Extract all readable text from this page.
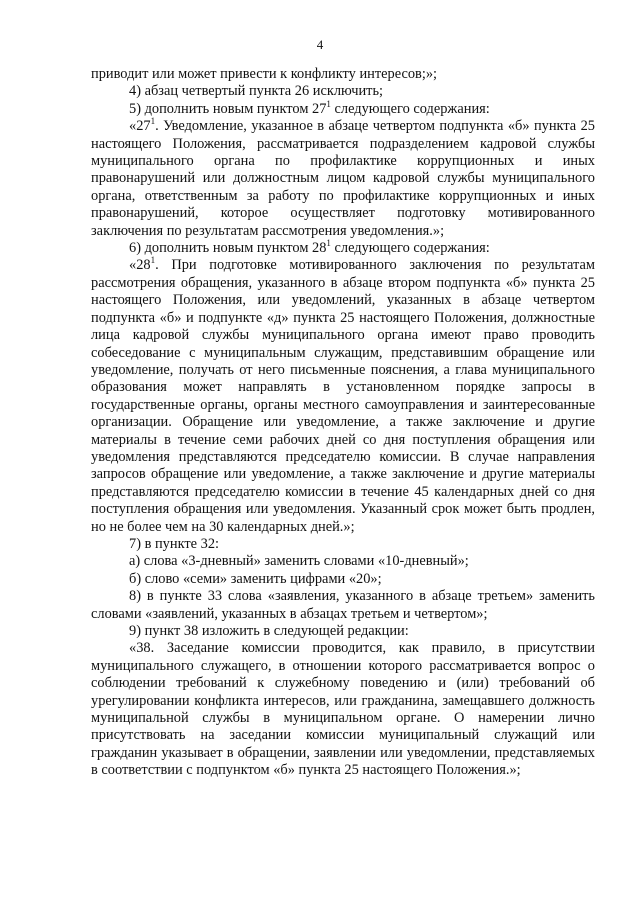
4

приводит или может привести к конфликту интересов;»;

4) абзац четвертый пункта 26 исключить;

5) дополнить новым пунктом $27^1$ следующего содержания:

«$27^1$. Уведомление, указанное в абзаце четвертом подпункта «б» пункта 25 настоящего Положения, рассматривается подразделением кадровой службы муниципального органа по профилактике коррупционных и иных правонарушений или должностным лицом кадровой службы муниципального органа, ответственным за работу по профилактике коррупционных и иных правонарушений, которое осуществляет подготовку мотивированного заключения по результатам рассмотрения уведомления.»;

6) дополнить новым пунктом $28^1$ следующего содержания:

«$28^1$. При подготовке мотивированного заключения по результатам рассмотрения обращения, указанного в абзаце втором подпункта «б» пункта 25 настоящего Положения, или уведомлений, указанных в абзаце четвертом подпункта «б» и подпункте «д» пункта 25 настоящего Положения, должностные лица кадровой службы муниципального органа имеют право проводить собеседование с муниципальным служащим, представившим обращение или уведомление, получать от него письменные пояснения, а глава муниципального образования может направлять в установленном порядке запросы в государственные органы, органы местного самоуправления и заинтересованные организации. Обращение или уведомление, а также заключение и другие материалы в течение семи рабочих дней со дня поступления обращения или уведомления представляются председателю комиссии. В случае направления запросов обращение или уведомление, а также заключение и другие материалы представляются председателю комиссии в течение 45 календарных дней со дня поступления обращения или уведомления. Указанный срок может быть продлен, но не более чем на 30 календарных дней.»;

7) в пункте 32:

а) слова «3-дневный» заменить словами «10-дневный»;

б) слово «семи» заменить цифрами «20»;

8) в пункте 33 слова «заявления, указанного в абзаце третьем» заменить словами «заявлений, указанных в абзацах третьем и четвертом»;

9) пункт 38 изложить в следующей редакции:

«38. Заседание комиссии проводится, как правило, в присутствии муниципального служащего, в отношении которого рассматривается вопрос о соблюдении требований к служебному поведению и (или) требований об урегулировании конфликта интересов, или гражданина, замещавшего должность муниципальной службы в муниципальном органе. О намерении лично присутствовать на заседании комиссии муниципальный служащий или гражданин указывает в обращении, заявлении или уведомлении, представляемых в соответствии с подпунктом «б» пункта 25 настоящего Положения.»;
